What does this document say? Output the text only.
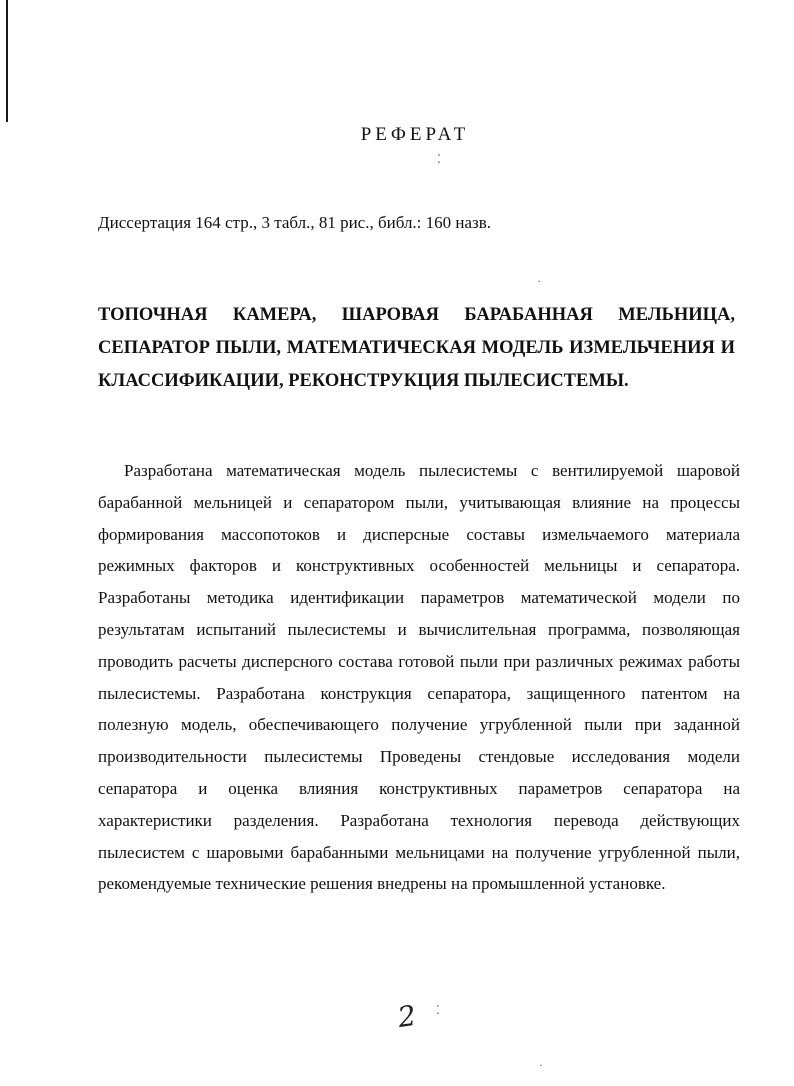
РЕФЕРАТ
⁚
·
⁚
·
Диссертация 164 стр., 3 табл., 81 рис., библ.: 160 назв.

ТОПОЧНАЯ КАМЕРА, ШАРОВАЯ БАРАБАННАЯ МЕЛЬНИЦА, СЕПАРАТОР ПЫЛИ, МАТЕМАТИЧЕСКАЯ МОДЕЛЬ ИЗМЕЛЬЧЕНИЯ И КЛАССИФИКАЦИИ, РЕКОНСТРУКЦИЯ ПЫЛЕСИСТЕМЫ.

Разработана математическая модель пылесистемы с вентилируемой шаровой барабанной мельницей и сепаратором пыли, учитывающая влияние на процессы формирования массопотоков и дисперсные составы измельчаемого материала режимных факторов и конструктивных особенностей мельницы и сепаратора. Разработаны методика идентификации параметров математической модели по результатам испытаний пылесистемы и вычислительная программа, позволяющая проводить расчеты дисперсного состава готовой пыли при различных режимах работы пылесистемы. Разработана конструкция сепаратора, защищенного патентом на полезную модель, обеспечивающего получение угрубленной пыли при заданной производительности пылесистемы Проведены стендовые исследования модели сепаратора и оценка влияния конструктивных параметров сепаратора на характеристики разделения. Разработана технология перевода действующих пылесистем с шаровыми барабанными мельницами на получение угрубленной пыли, рекомендуемые технические решения внедрены на промышленной установке.

2
